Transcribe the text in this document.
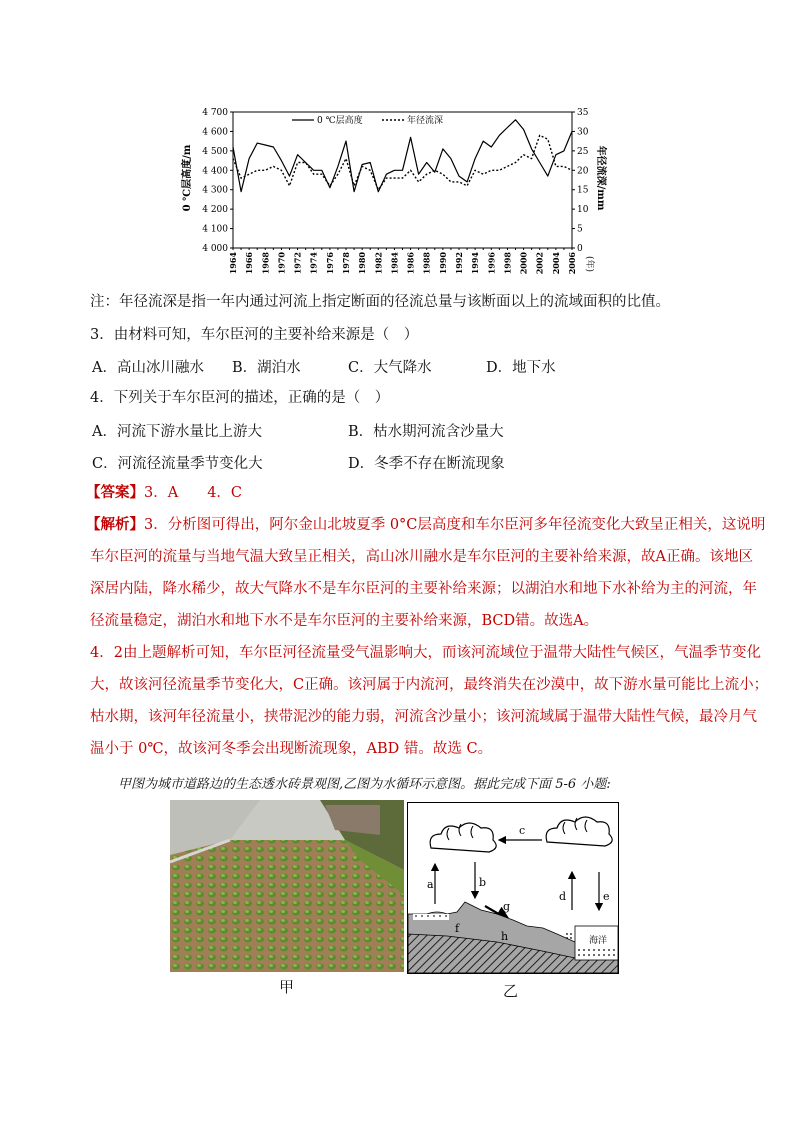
4 700
4 600
4 500
4 400
4 300
4 200
4 100
4 000
35
30
25
20
15
10
5
0
1964 1966 1968 1970 1972 1974 1976 1978 1980 1982 1984 1986 1988 1990 1992 1994 1996 1998 2000 2002 2004 2006
0 ℃层高度/m	年径流深/mm
(年)
0 ℃层高度	年径流深
注：年径流深是指一年内通过河流上指定断面的径流总量与该断面以上的流域面积的比值。
3．由材料可知，车尔臣河的主要补给来源是（　）
A．高山冰川融水 B．湖泊水	C．大气降水	D．地下水
4．下列关于车尔臣河的描述，正确的是（　）
A．河流下游水量比上游大	B．枯水期河流含沙量大
C．河流径流量季节变化大	D．冬季不存在断流现象
【答案】3．A　　4．C
【解析】3．分析图可得出，阿尔金山北坡夏季 0°C层高度和车尔臣河多年径流变化大致呈正相关，这说明
车尔臣河的流量与当地气温大致呈正相关，高山冰川融水是车尔臣河的主要补给来源，故A正确。该地区
深居内陆，降水稀少，故大气降水不是车尔臣河的主要补给来源；以湖泊水和地下水补给为主的河流，年
径流量稳定，湖泊水和地下水不是车尔臣河的主要补给来源，BCD错。故选A。
4．2由上题解析可知，车尔臣河径流量受气温影响大，而该河流域位于温带大陆性气候区，气温季节变化
大，故该河径流量季节变化大，C正确。该河属于内流河，最终消失在沙漠中，故下游水量可能比上流小；
枯水期，该河年径流量小，挟带泥沙的能力弱，河流含沙量小；该河流域属于温带大陆性气候，最冷月气
温小于 0℃，故该河冬季会出现断流现象，ABD 错。故选 C。
甲图为城市道路边的生态透水砖景观图,乙图为水循环示意图。据此完成下面 5-6 小题:
甲
a	b
c
d	e
f
g
h	海洋
乙
